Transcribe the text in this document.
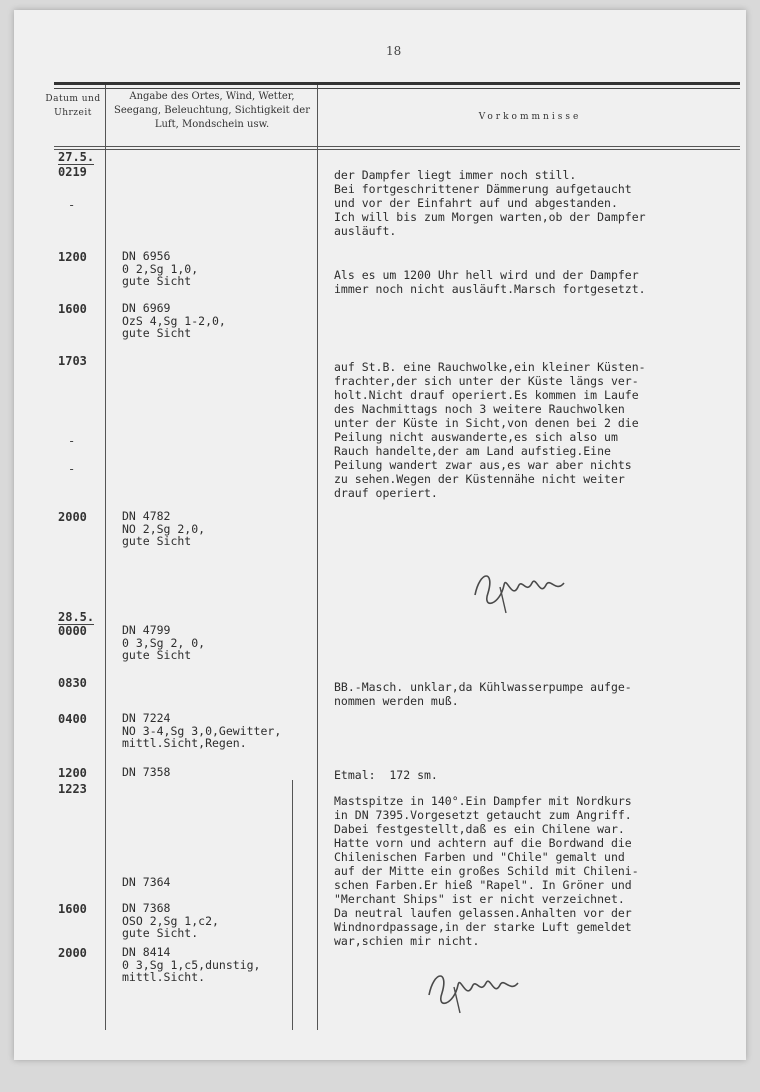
18
Datum und Uhrzeit
Angabe des Ortes, Wind, Wetter, Seegang, Beleuchtung, Sichtigkeit der Luft, Mondschein usw.
Vorkommnisse
27.5.
0219
-
1200
1600
1703
-
-
2000
28.5.
0000
0830
0400
1200
1223
1600
2000
DN 6956
0 2,Sg 1,0,
gute Sicht
DN 6969
OzS 4,Sg 1-2,0,
gute Sicht
DN 4782
NO 2,Sg 2,0,
gute Sicht
DN 4799
0 3,Sg 2, 0,
gute Sicht
DN 7224
NO 3-4,Sg 3,0,Gewitter,
mittl.Sicht,Regen.
DN 7358
DN 7364
DN 7368
OSO 2,Sg 1,c2,
gute Sicht.
DN 8414
0 3,Sg 1,c5,dunstig,
mittl.Sicht.
der Dampfer liegt immer noch still.
Bei fortgeschrittener Dämmerung aufgetaucht
und vor der Einfahrt auf und abgestanden.
Ich will bis zum Morgen warten,ob der Dampfer
ausläuft.
Als es um 1200 Uhr hell wird und der Dampfer
immer noch nicht ausläuft.Marsch fortgesetzt.
auf St.B. eine Rauchwolke,ein kleiner Küsten-
frachter,der sich unter der Küste längs ver-
holt.Nicht drauf operiert.Es kommen im Laufe
des Nachmittags noch 3 weitere Rauchwolken
unter der Küste in Sicht,von denen bei 2 die
Peilung nicht auswanderte,es sich also um
Rauch handelte,der am Land aufstieg.Eine
Peilung wandert zwar aus,es war aber nichts
zu sehen.Wegen der Küstennähe nicht weiter
drauf operiert.
BB.-Masch. unklar,da Kühlwasserpumpe aufge-
nommen werden muß.
Etmal:  172 sm.
Mastspitze in 140°.Ein Dampfer mit Nordkurs
in DN 7395.Vorgesetzt getaucht zum Angriff.
Dabei festgestellt,daß es ein Chilene war.
Hatte vorn und achtern auf die Bordwand die
Chilenischen Farben und "Chile" gemalt und
auf der Mitte ein großes Schild mit Chileni-
schen Farben.Er hieß "Rapel". In Gröner und
"Merchant Ships" ist er nicht verzeichnet.
Da neutral laufen gelassen.Anhalten vor der
Windnordpassage,in der starke Luft gemeldet
war,schien mir nicht.
